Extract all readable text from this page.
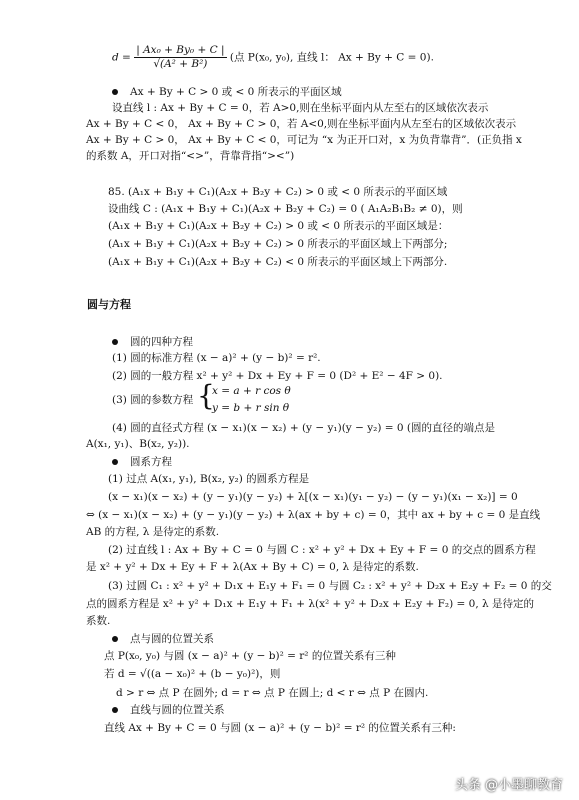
$d = \frac{\text{| Ax₀ + By₀ + C |}}{\text{√(A² + B²)}}$ (点 P(x₀, y₀), 直线 l： Ax + By + C = 0).
Ax + By + C > 0 或 < 0 所表示的平面区域
设直线 l : Ax + By + C = 0，若 A>0,则在坐标平面内从左至右的区域依次表示
Ax + By + C < 0， Ax + By + C > 0，若 A<0,则在坐标平面内从左至右的区域依次表示
Ax + By + C > 0， Ax + By + C < 0，可记为 “x 为正开口对，x 为负背靠背”．(正负指 x
的系数 A，开口对指“<>”，背靠背指“><”)
85. (A₁x + B₁y + C₁)(A₂x + B₂y + C₂) > 0 或 < 0 所表示的平面区域
设曲线 C : (A₁x + B₁y + C₁)(A₂x + B₂y + C₂) = 0 ( A₁A₂B₁B₂ ≠ 0)，则
(A₁x + B₁y + C₁)(A₂x + B₂y + C₂) > 0 或 < 0 所表示的平面区域是：
(A₁x + B₁y + C₁)(A₂x + B₂y + C₂) > 0 所表示的平面区域上下两部分;
(A₁x + B₁y + C₁)(A₂x + B₂y + C₂) < 0 所表示的平面区域上下两部分.
圆与方程
圆的四种方程
(1) 圆的标准方程 (x − a)² + (y − b)² = r².
(2) 圆的一般方程 x² + y² + Dx + Ey + F = 0 (D² + E² − 4F > 0).
(3) 圆的参数方程 {
x = a + r cos θ
y = b + r sin θ
(4) 圆的直径式方程 (x − x₁)(x − x₂) + (y − y₁)(y − y₂) = 0 (圆的直径的端点是
A(x₁, y₁)、B(x₂, y₂)).
圆系方程
(1) 过点 A(x₁, y₁), B(x₂, y₂) 的圆系方程是
(x − x₁)(x − x₂) + (y − y₁)(y − y₂) + λ[(x − x₁)(y₁ − y₂) − (y − y₁)(x₁ − x₂)] = 0
⇔ (x − x₁)(x − x₂) + (y − y₁)(y − y₂) + λ(ax + by + c) = 0，其中 ax + by + c = 0 是直线
AB 的方程, λ 是待定的系数.
(2) 过直线 l : Ax + By + C = 0 与圆 C : x² + y² + Dx + Ey + F = 0 的交点的圆系方程
是 x² + y² + Dx + Ey + F + λ(Ax + By + C) = 0, λ 是待定的系数.
(3) 过圆 C₁ : x² + y² + D₁x + E₁y + F₁ = 0 与圆 C₂ : x² + y² + D₂x + E₂y + F₂ = 0 的交
点的圆系方程是 x² + y² + D₁x + E₁y + F₁ + λ(x² + y² + D₂x + E₂y + F₂) = 0, λ 是待定的
系数.
点与圆的位置关系
点 P(x₀, y₀) 与圆 (x − a)² + (y − b)² = r² 的位置关系有三种
若 d = √((a − x₀)² + (b − y₀)²)，则
d > r ⇔ 点 P 在圆外; d = r ⇔ 点 P 在圆上; d < r ⇔ 点 P 在圆内.
直线与圆的位置关系
直线 Ax + By + C = 0 与圆 (x − a)² + (y − b)² = r² 的位置关系有三种:
头条 @小墨聊教育
